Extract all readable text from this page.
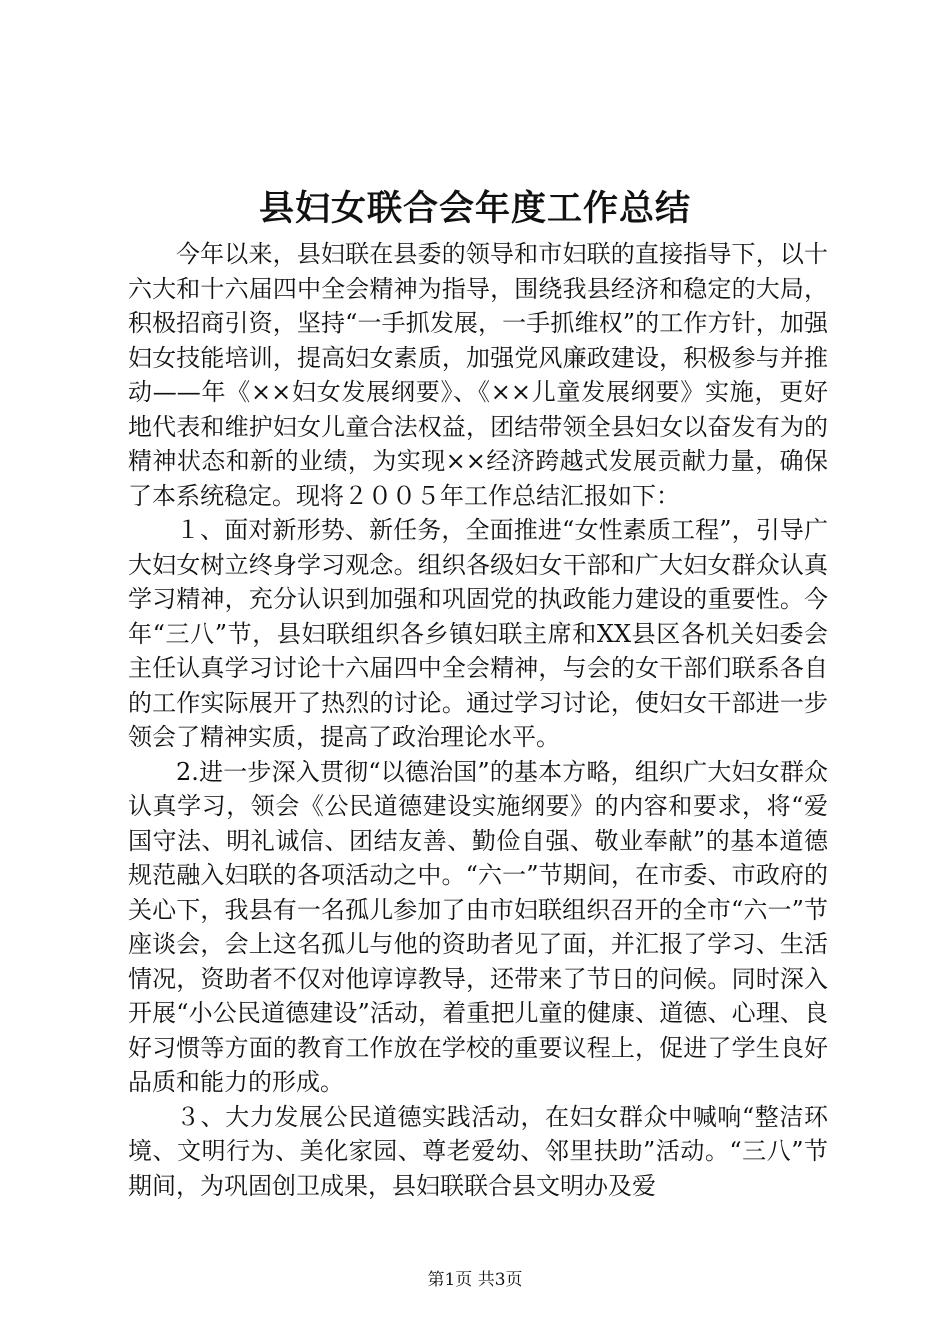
县妇女联合会年度工作总结

今年以来，县妇联在县委的领导和市妇联的直接指导下，以十六大和十六届四中全会精神为指导，围绕我县经济和稳定的大局，积极招商引资，坚持“一手抓发展，一手抓维权”的工作方针，加强妇女技能培训，提高妇女素质，加强党风廉政建设，积极参与并推动——年《××妇女发展纲要》、《××儿童发展纲要》实施，更好地代表和维护妇女儿童合法权益，团结带领全县妇女以奋发有为的精神状态和新的业绩，为实现××经济跨越式发展贡献力量，确保了本系统稳定。现将２００５年工作总结汇报如下：

１、面对新形势、新任务，全面推进“女性素质工程”，引导广大妇女树立终身学习观念。组织各级妇女干部和广大妇女群众认真学习精神，充分认识到加强和巩固党的执政能力建设的重要性。今年“三八”节，县妇联组织各乡镇妇联主席和XX县区各机关妇委会主任认真学习讨论十六届四中全会精神，与会的女干部们联系各自的工作实际展开了热烈的讨论。通过学习讨论，使妇女干部进一步领会了精神实质，提高了政治理论水平。

2.进一步深入贯彻“以德治国”的基本方略，组织广大妇女群众认真学习，领会《公民道德建设实施纲要》的内容和要求，将“爱国守法、明礼诚信、团结友善、勤俭自强、敬业奉献”的基本道德规范融入妇联的各项活动之中。“六一”节期间，在市委、市政府的关心下，我县有一名孤儿参加了由市妇联组织召开的全市“六一”节座谈会，会上这名孤儿与他的资助者见了面，并汇报了学习、生活情况，资助者不仅对他谆谆教导，还带来了节日的问候。同时深入开展“小公民道德建设”活动，着重把儿童的健康、道德、心理、良好习惯等方面的教育工作放在学校的重要议程上，促进了学生良好品质和能力的形成。

３、大力发展公民道德实践活动，在妇女群众中喊响“整洁环境、文明行为、美化家园、尊老爱幼、邻里扶助”活动。“三八”节期间，为巩固创卫成果，县妇联联合县文明办及爱

第1页 共3页
